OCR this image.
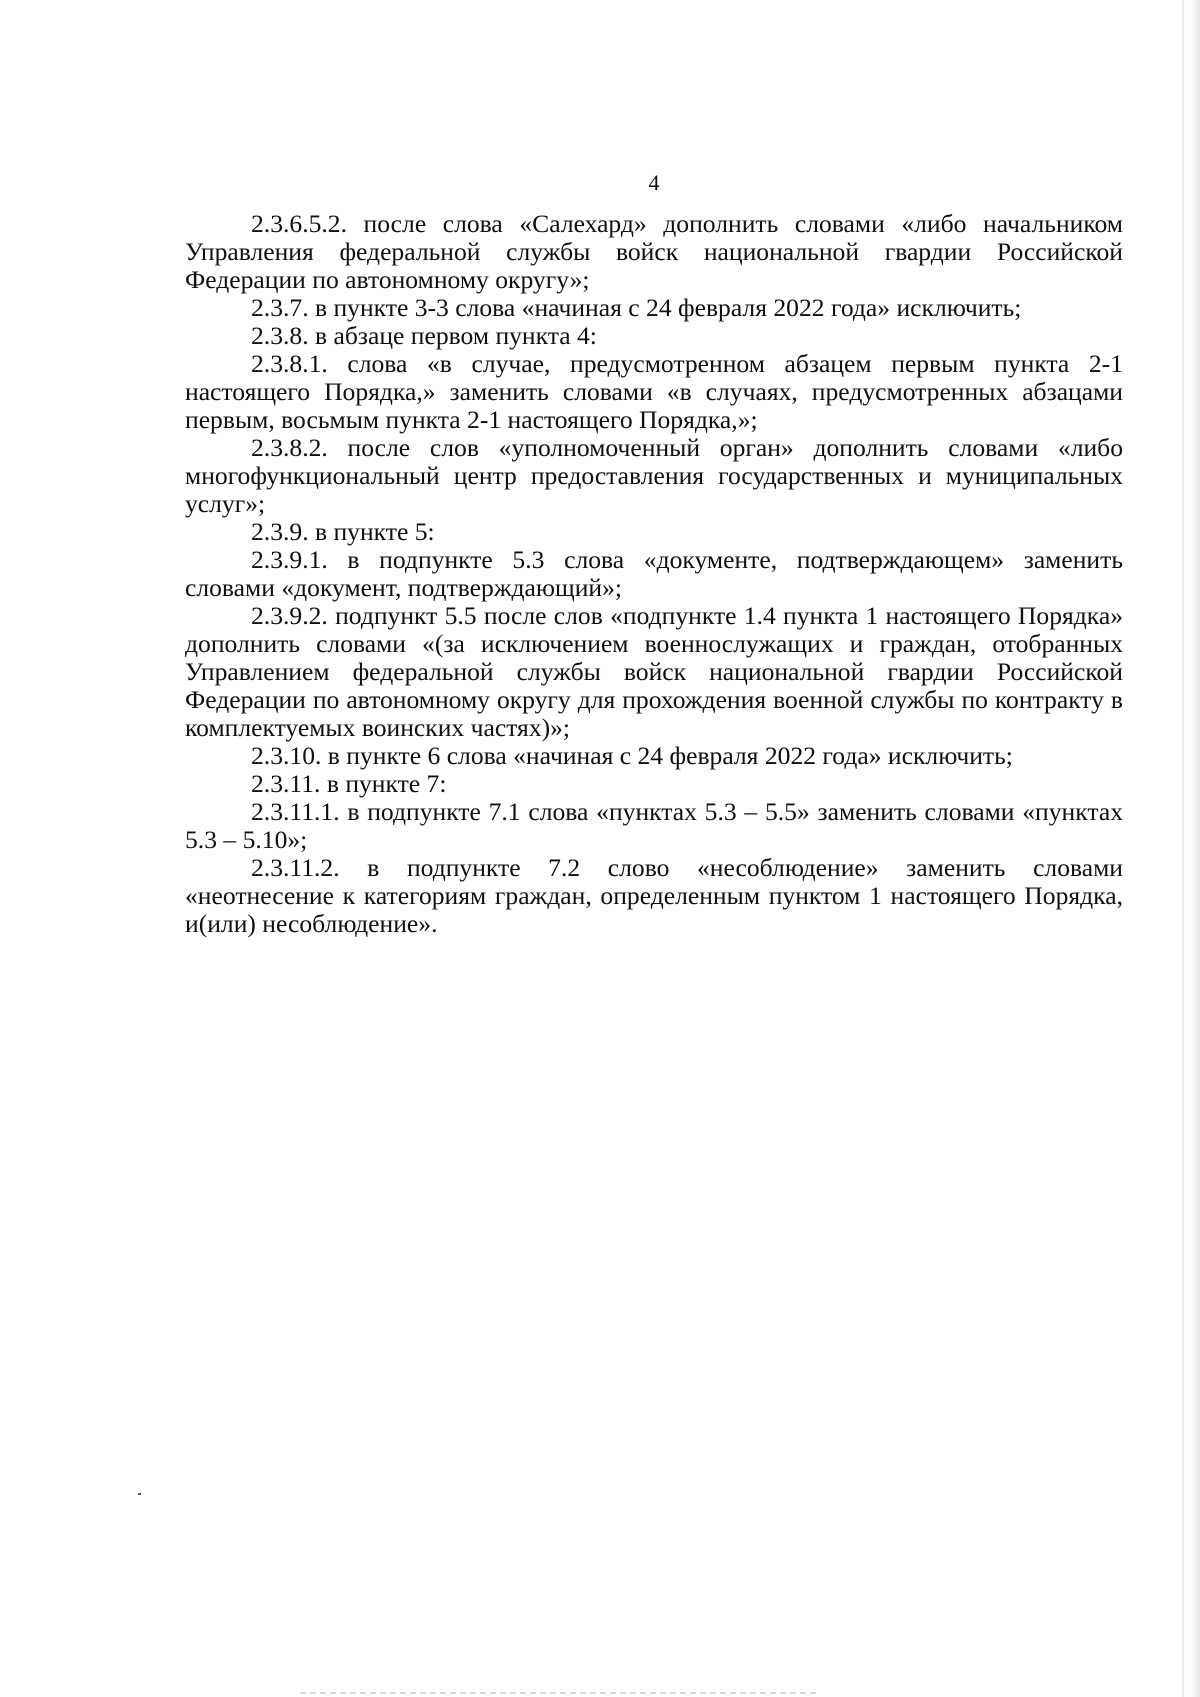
4

2.3.6.5.2. после слова «Салехард» дополнить словами «либо начальником Управления федеральной службы войск национальной гвардии Российской Федерации по автономному округу»;

2.3.7. в пункте 3-3 слова «начиная с 24 февраля 2022 года» исключить;

2.3.8. в абзаце первом пункта 4:

2.3.8.1. слова «в случае, предусмотренном абзацем первым пункта 2-1 настоящего Порядка,» заменить словами «в случаях, предусмотренных абзацами первым, восьмым пункта 2-1 настоящего Порядка,»;

2.3.8.2. после слов «уполномоченный орган» дополнить словами «либо многофункциональный центр предоставления государственных и муниципальных услуг»;

2.3.9. в пункте 5:

2.3.9.1. в подпункте 5.3 слова «документе, подтверждающем» заменить словами «документ, подтверждающий»;

2.3.9.2. подпункт 5.5 после слов «подпункте 1.4 пункта 1 настоящего Порядка» дополнить словами «(за исключением военнослужащих и граждан, отобранных Управлением федеральной службы войск национальной гвардии Российской Федерации по автономному округу для прохождения военной службы по контракту в комплектуемых воинских частях)»;

2.3.10. в пункте 6 слова «начиная с 24 февраля 2022 года» исключить;

2.3.11. в пункте 7:

2.3.11.1. в подпункте 7.1 слова «пунктах 5.3 – 5.5» заменить словами «пунктах 5.3 – 5.10»;

2.3.11.2. в подпункте 7.2 слово «несоблюдение» заменить словами «неотнесение к категориям граждан, определенным пунктом 1 настоящего Порядка, и(или) несоблюдение».
